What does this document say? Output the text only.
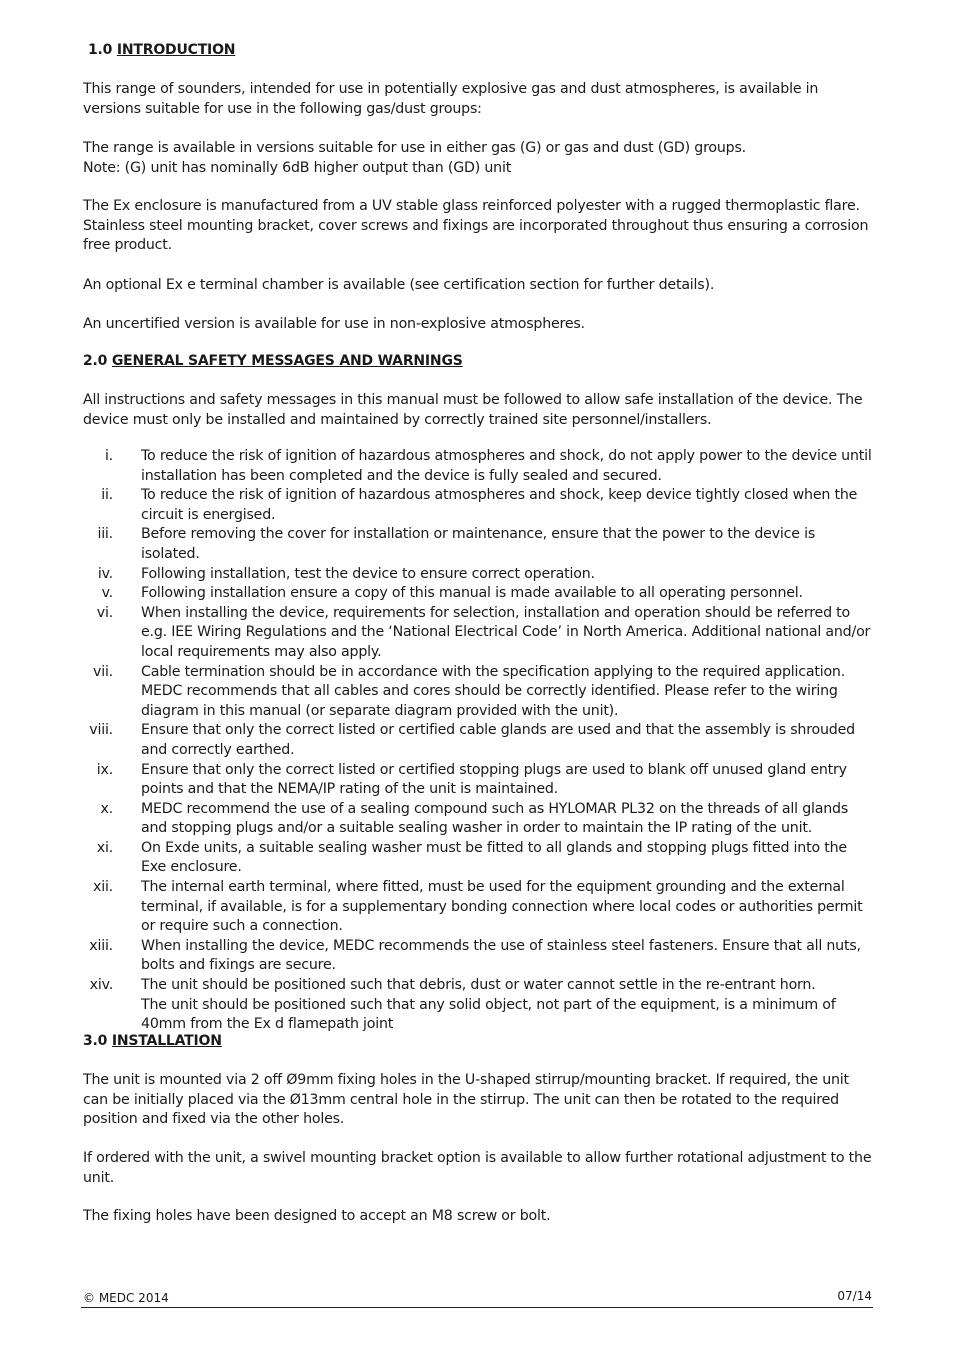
1.0 INTRODUCTION
This range of sounders, intended for use in potentially explosive gas and dust atmospheres, is available in versions suitable for use in the following gas/dust groups:
The range is available in versions suitable for use in either gas (G) or gas and dust (GD) groups.
Note: (G) unit has nominally 6dB higher output than (GD) unit
The Ex enclosure is manufactured from a UV stable glass reinforced polyester with a rugged thermoplastic flare. Stainless steel mounting bracket, cover screws and fixings are incorporated throughout thus ensuring a corrosion free product.
An optional Ex e terminal chamber is available (see certification section for further details).
An uncertified version is available for use in non-explosive atmospheres.
2.0 GENERAL SAFETY MESSAGES AND WARNINGS
All instructions and safety messages in this manual must be followed to allow safe installation of the device. The device must only be installed and maintained by correctly trained site personnel/installers.
i. To reduce the risk of ignition of hazardous atmospheres and shock, do not apply power to the device until installation has been completed and the device is fully sealed and secured.
ii. To reduce the risk of ignition of hazardous atmospheres and shock, keep device tightly closed when the circuit is energised.
iii. Before removing the cover for installation or maintenance, ensure that the power to the device is isolated.
iv. Following installation, test the device to ensure correct operation.
v. Following installation ensure a copy of this manual is made available to all operating personnel.
vi. When installing the device, requirements for selection, installation and operation should be referred to e.g. IEE Wiring Regulations and the ‘National Electrical Code’ in North America. Additional national and/or local requirements may also apply.
vii. Cable termination should be in accordance with the specification applying to the required application. MEDC recommends that all cables and cores should be correctly identified. Please refer to the wiring diagram in this manual (or separate diagram provided with the unit).
viii. Ensure that only the correct listed or certified cable glands are used and that the assembly is shrouded and correctly earthed.
ix. Ensure that only the correct listed or certified stopping plugs are used to blank off unused gland entry points and that the NEMA/IP rating of the unit is maintained.
x. MEDC recommend the use of a sealing compound such as HYLOMAR PL32 on the threads of all glands and stopping plugs and/or a suitable sealing washer in order to maintain the IP rating of the unit.
xi. On Exde units, a suitable sealing washer must be fitted to all glands and stopping plugs fitted into the Exe enclosure.
xii. The internal earth terminal, where fitted, must be used for the equipment grounding and the external terminal, if available, is for a supplementary bonding connection where local codes or authorities permit or require such a connection.
xiii. When installing the device, MEDC recommends the use of stainless steel fasteners. Ensure that all nuts, bolts and fixings are secure.
xiv. The unit should be positioned such that debris, dust or water cannot settle in the re-entrant horn.
The unit should be positioned such that any solid object, not part of the equipment, is a minimum of 40mm from the Ex d flamepath joint
3.0 INSTALLATION
The unit is mounted via 2 off Ø9mm fixing holes in the U-shaped stirrup/mounting bracket. If required, the unit can be initially placed via the Ø13mm central hole in the stirrup. The unit can then be rotated to the required position and fixed via the other holes.
If ordered with the unit, a swivel mounting bracket option is available to allow further rotational adjustment to the unit.
The fixing holes have been designed to accept an M8 screw or bolt.
© MEDC 2014	07/14
